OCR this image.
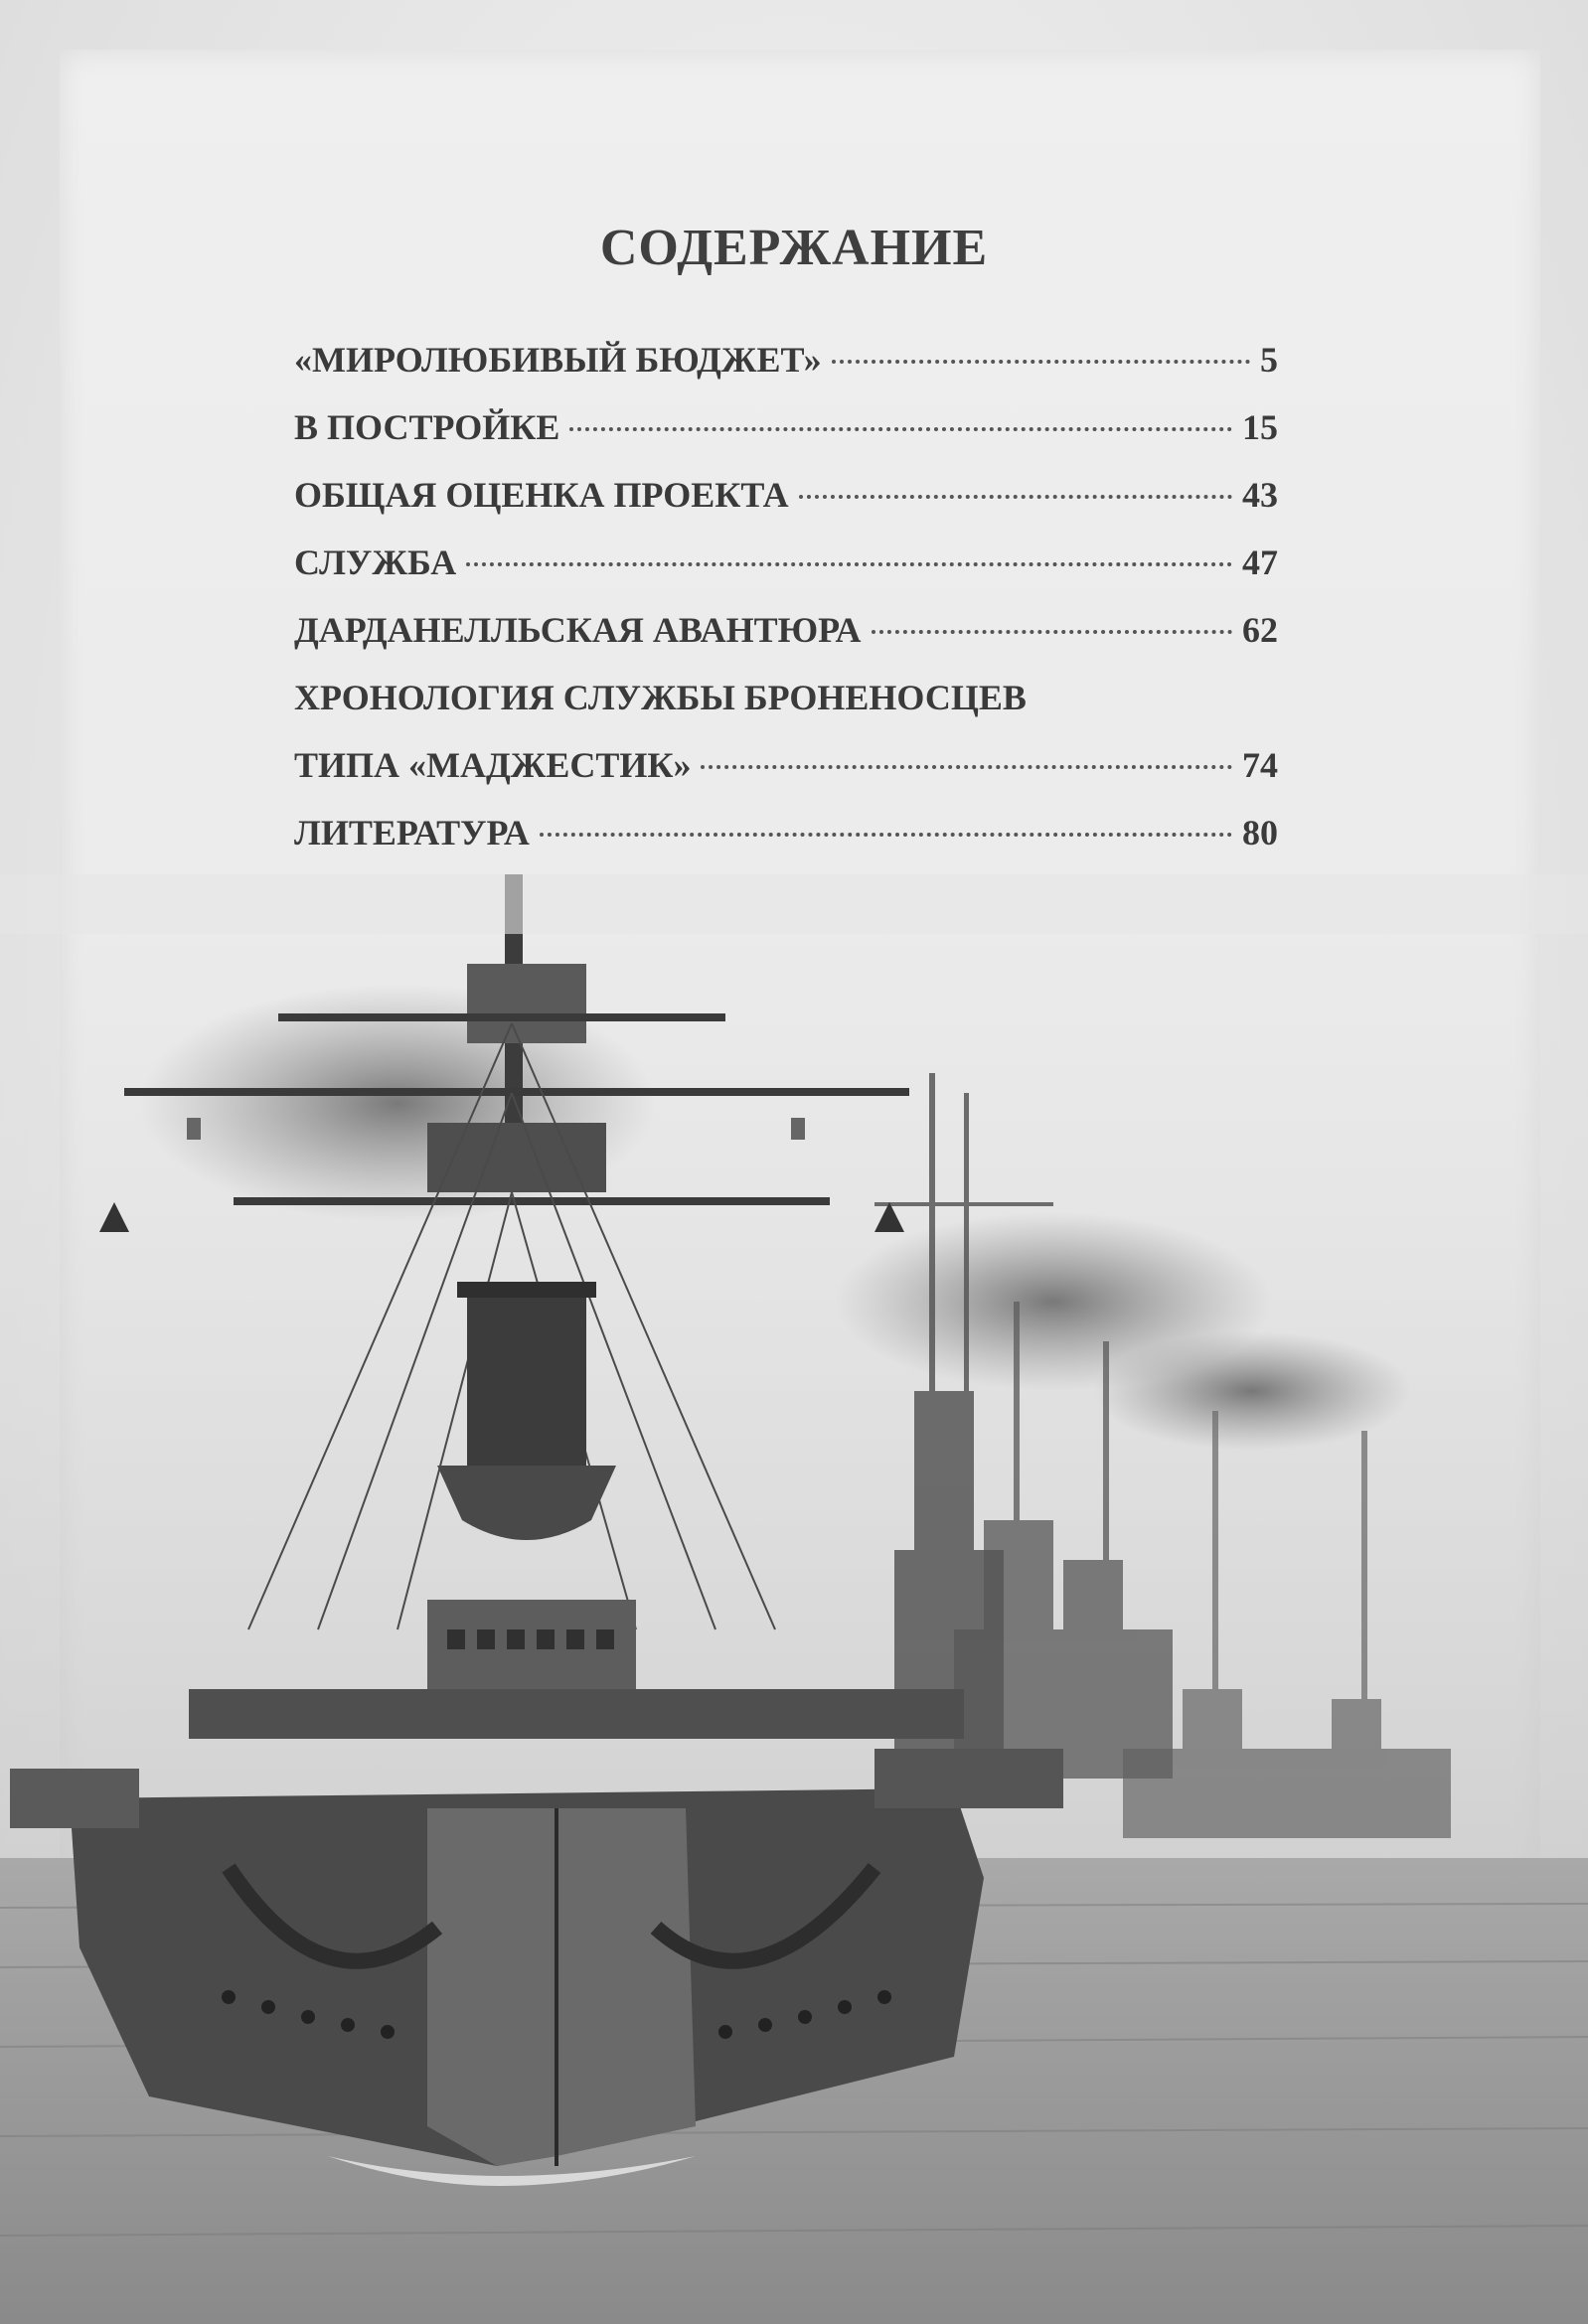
СОДЕРЖАНИЕ
«МИРОЛЮБИВЫЙ БЮДЖЕТ»	5
В ПОСТРОЙКЕ	15
ОБЩАЯ ОЦЕНКА ПРОЕКТА	43
СЛУЖБА	47
ДАРДАНЕЛЛЬСКАЯ АВАНТЮРА	62
ХРОНОЛОГИЯ СЛУЖБЫ БРОНЕНОСЦЕВ
ТИПА «МАДЖЕСТИК»	74
ЛИТЕРАТУРА	80
